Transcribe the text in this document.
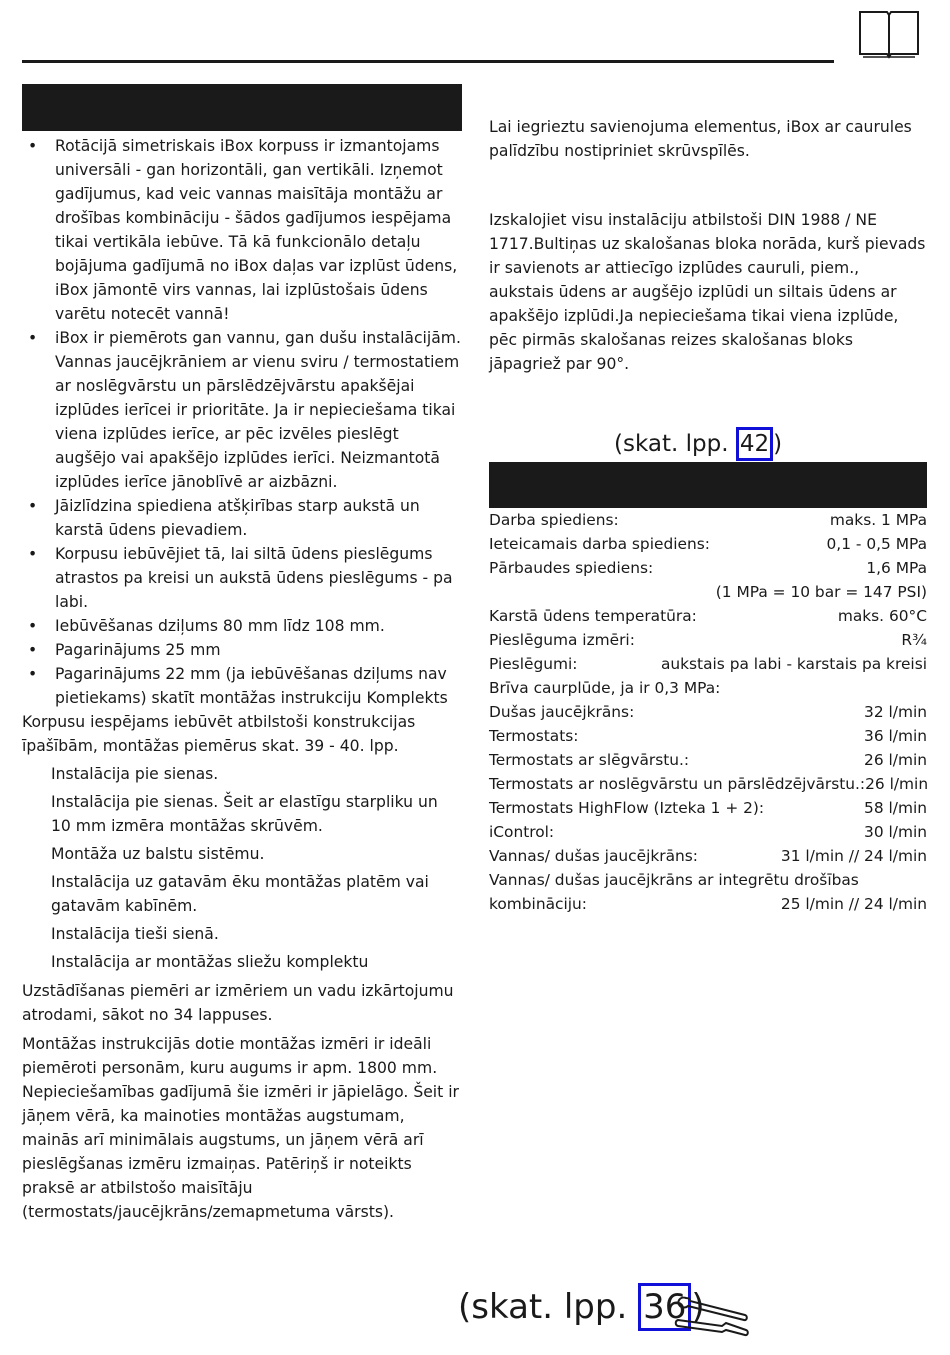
• Rotācijā simetriskais iBox korpuss ir izmantojams universāli - gan horizontāli, gan vertikāli. Izņemot gadījumus, kad veic vannas maisītāja montāžu ar drošības kombināciju - šādos gadījumos iespējama tikai vertikāla iebūve. Tā kā funkcionālo detaļu bojājuma gadījumā no iBox daļas var izplūst ūdens, iBox jāmontē virs vannas, lai izplūstošais ūdens varētu notecēt vannā!
• iBox ir piemērots gan vannu, gan dušu instalācijām. Vannas jaucējkrāniem ar vienu sviru / termostatiem ar noslēgvārstu un pārslēdzējvārstu apakšējai izplūdes ierīcei ir prioritāte. Ja ir nepieciešama tikai viena izplūdes ierīce, ar pēc izvēles pieslēgt augšējo vai apakšējo izplūdes ierīci. Neizmantotā izplūdes ierīce jānoblīvē ar aizbāzni.
• Jāizlīdzina spiediena atšķirības starp aukstā un karstā ūdens pievadiem.
• Korpusu iebūvējiet tā, lai siltā ūdens pieslēgums atrastos pa kreisi un aukstā ūdens pieslēgums - pa labi.
• Iebūvēšanas dziļums 80 mm līdz 108 mm.
• Pagarinājums 25 mm
• Pagarinājums 22 mm (ja iebūvēšanas dziļums nav pietiekams) skatīt montāžas instrukciju Komplekts

Korpusu iespējams iebūvēt atbilstoši konstrukcijas īpašībām, montāžas piemērus skat. 39 - 40. lpp.

Instalācija pie sienas.

Instalācija pie sienas. Šeit ar elastīgu starpliku un 10 mm izmēra montāžas skrūvēm.

Montāža uz balstu sistēmu.

Instalācija uz gatavām ēku montāžas platēm vai gatavām kabīnēm.

Instalācija tieši sienā.

Instalācija ar montāžas sliežu komplektu

Uzstādīšanas piemēri ar izmēriem un vadu izkārtojumu atrodami, sākot no 34 lappuses.

Montāžas instrukcijās dotie montāžas izmēri ir ideāli piemēroti personām, kuru augums ir apm. 1800 mm. Nepieciešamības gadījumā šie izmēri ir jāpielāgo. Šeit ir jāņem vērā, ka mainoties montāžas augstumam, mainās arī minimālais augstums, un jāņem vērā arī pieslēgšanas izmēru izmaiņas. Patēriņš ir noteikts praksē ar atbilstošo maisītāju (termostats/jaucējkrāns/zemapmetuma vārsts).

Lai iegrieztu savienojuma elementus, iBox ar caurules palīdzību nostipriniet skrūvspīlēs.

Izskalojiet visu instalāciju atbilstoši DIN 1988 / NE 1717.Bultiņas uz skalošanas bloka norāda, kurš pievads ir savienots ar attiecīgo izplūdes cauruli, piem., aukstais ūdens ar augšējo izplūdi un siltais ūdens ar apakšējo izplūdi.Ja nepieciešama tikai viena izplūde, pēc pirmās skalošanas reizes skalošanas bloks jāpagriež par 90°.

(skat. lpp. 42 )
Darba spiediens:	maks. 1 MPa
Ieteicamais darba spiediens:	0,1 - 0,5 MPa
Pārbaudes spiediens:	1,6 MPa
(1 MPa = 10 bar = 147 PSI)
Karstā ūdens temperatūra:	maks. 60°C
Pieslēguma izmēri:	R¾
Pieslēgumi:	aukstais pa labi - karstais pa kreisi
Brīva caurplūde, ja ir 0,3 MPa:
Dušas jaucējkrāns:	32 l/min
Termostats:	36 l/min
Termostats ar slēgvārstu.:	26 l/min
Termostats ar noslēgvārstu un pārslēdzējvārstu.: 26 l/min
Termostats HighFlow (Izteka 1 + 2):	58 l/min
iControl:	30 l/min
Vannas/ dušas jaucējkrāns:	31 l/min // 24 l/min
Vannas/ dušas jaucējkrāns ar integrētu drošības
kombināciju:	25 l/min // 24 l/min
(skat. lpp. 36 )
